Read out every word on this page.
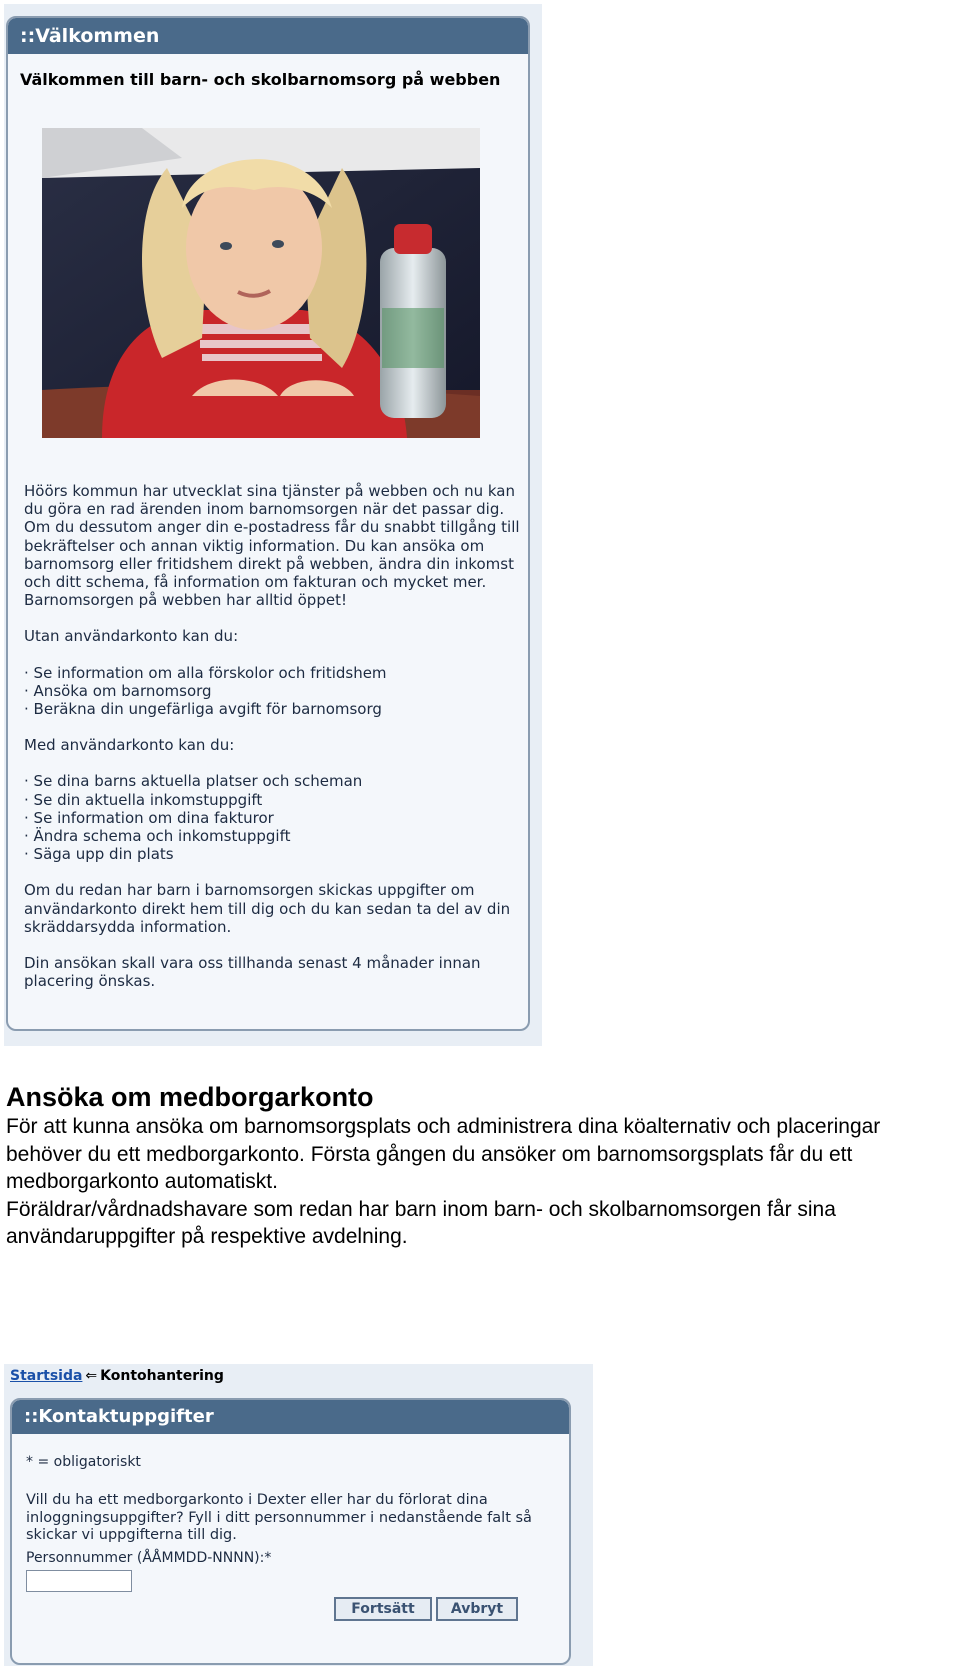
::Välkommen
Välkommen till barn- och skolbarnomsorg på webben

Höörs kommun har utvecklat sina tjänster på webben och nu kan du göra en rad ärenden inom barnomsorgen när det passar dig. Om du dessutom anger din e-postadress får du snabbt tillgång till bekräftelser och annan viktig information. Du kan ansöka om barnomsorg eller fritidshem direkt på webben, ändra din inkomst och ditt schema, få information om fakturan och mycket mer. Barnomsorgen på webben har alltid öppet!

Utan användarkonto kan du:

· Se information om alla förskolor och fritidshem
· Ansöka om barnomsorg
· Beräkna din ungefärliga avgift för barnomsorg

Med användarkonto kan du:

· Se dina barns aktuella platser och scheman
· Se din aktuella inkomstuppgift
· Se information om dina fakturor
· Ändra schema och inkomstuppgift
· Säga upp din plats

Om du redan har barn i barnomsorgen skickas uppgifter om användarkonto direkt hem till dig och du kan sedan ta del av din skräddarsydda information.

Din ansökan skall vara oss tillhanda senast 4 månader innan placering önskas.

Ansöka om medborgarkonto

För att kunna ansöka om barnomsorgsplats och administrera dina köalternativ och placeringar behöver du ett medborgarkonto. Första gången du ansöker om barnomsorgsplats får du ett medborgarkonto automatiskt.

Föräldrar/vårdnadshavare som redan har barn inom barn- och skolbarnomsorgen får sina användaruppgifter på respektive avdelning.

Startsida ⇐ Kontohantering
::Kontaktuppgifter
* = obligatoriskt
Vill du ha ett medborgarkonto i Dexter eller har du förlorat dina inloggningsuppgifter? Fyll i ditt personnummer i nedanstående falt så skickar vi uppgifterna till dig.
Personnummer (ÅÅMMDD-NNNN):*
Fortsätt	Avbryt
